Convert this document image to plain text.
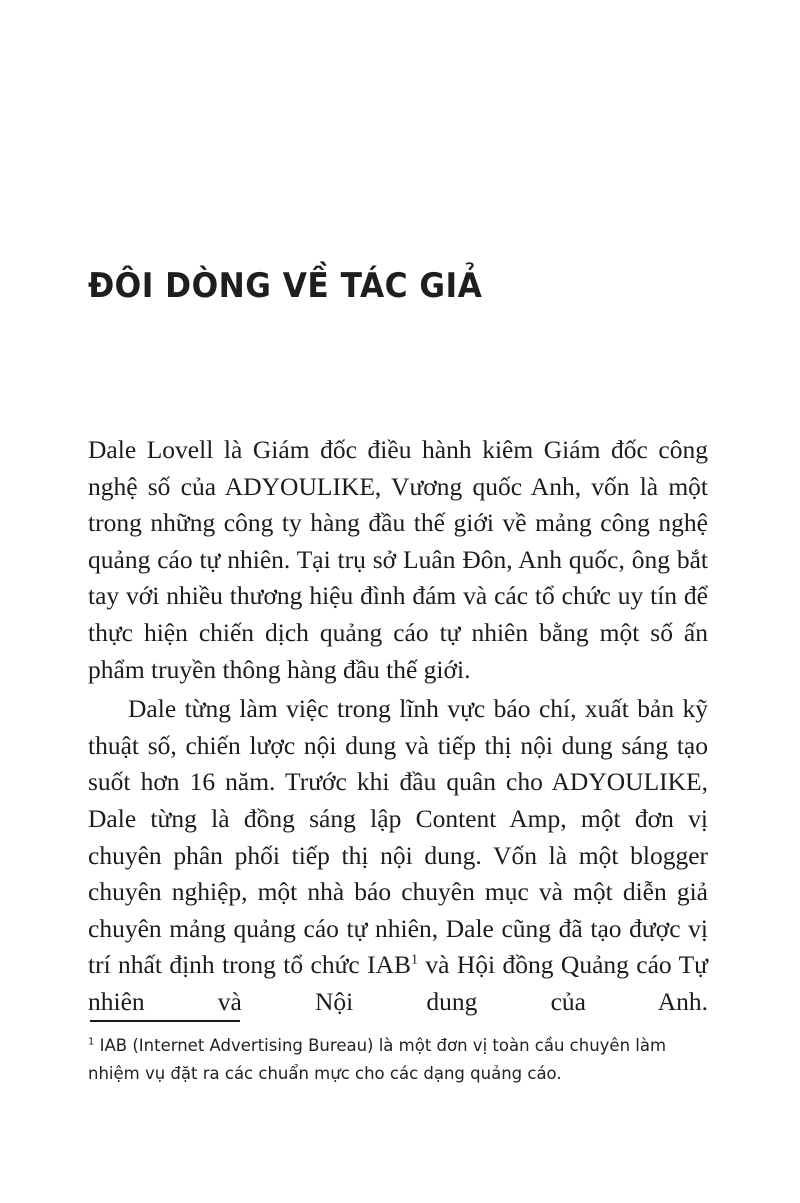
ĐÔI DÒNG VỀ TÁC GIẢ

Dale Lovell là Giám đốc điều hành kiêm Giám đốc công nghệ số của ADYOULIKE, Vương quốc Anh, vốn là một trong những công ty hàng đầu thế giới về mảng công nghệ quảng cáo tự nhiên. Tại trụ sở Luân Đôn, Anh quốc, ông bắt tay với nhiều thương hiệu đình đám và các tổ chức uy tín để thực hiện chiến dịch quảng cáo tự nhiên bằng một số ấn phẩm truyền thông hàng đầu thế giới.

Dale từng làm việc trong lĩnh vực báo chí, xuất bản kỹ thuật số, chiến lược nội dung và tiếp thị nội dung sáng tạo suốt hơn 16 năm. Trước khi đầu quân cho ADYOULIKE, Dale từng là đồng sáng lập Content Amp, một đơn vị chuyên phân phối tiếp thị nội dung. Vốn là một blogger chuyên nghiệp, một nhà báo chuyên mục và một diễn giả chuyên mảng quảng cáo tự nhiên, Dale cũng đã tạo được vị trí nhất định trong tổ chức IAB$^1$ và Hội đồng Quảng cáo Tự nhiên và Nội dung của Anh.

$^1$ IAB (Internet Advertising Bureau) là một đơn vị toàn cầu chuyên làm nhiệm vụ đặt ra các chuẩn mực cho các dạng quảng cáo.
